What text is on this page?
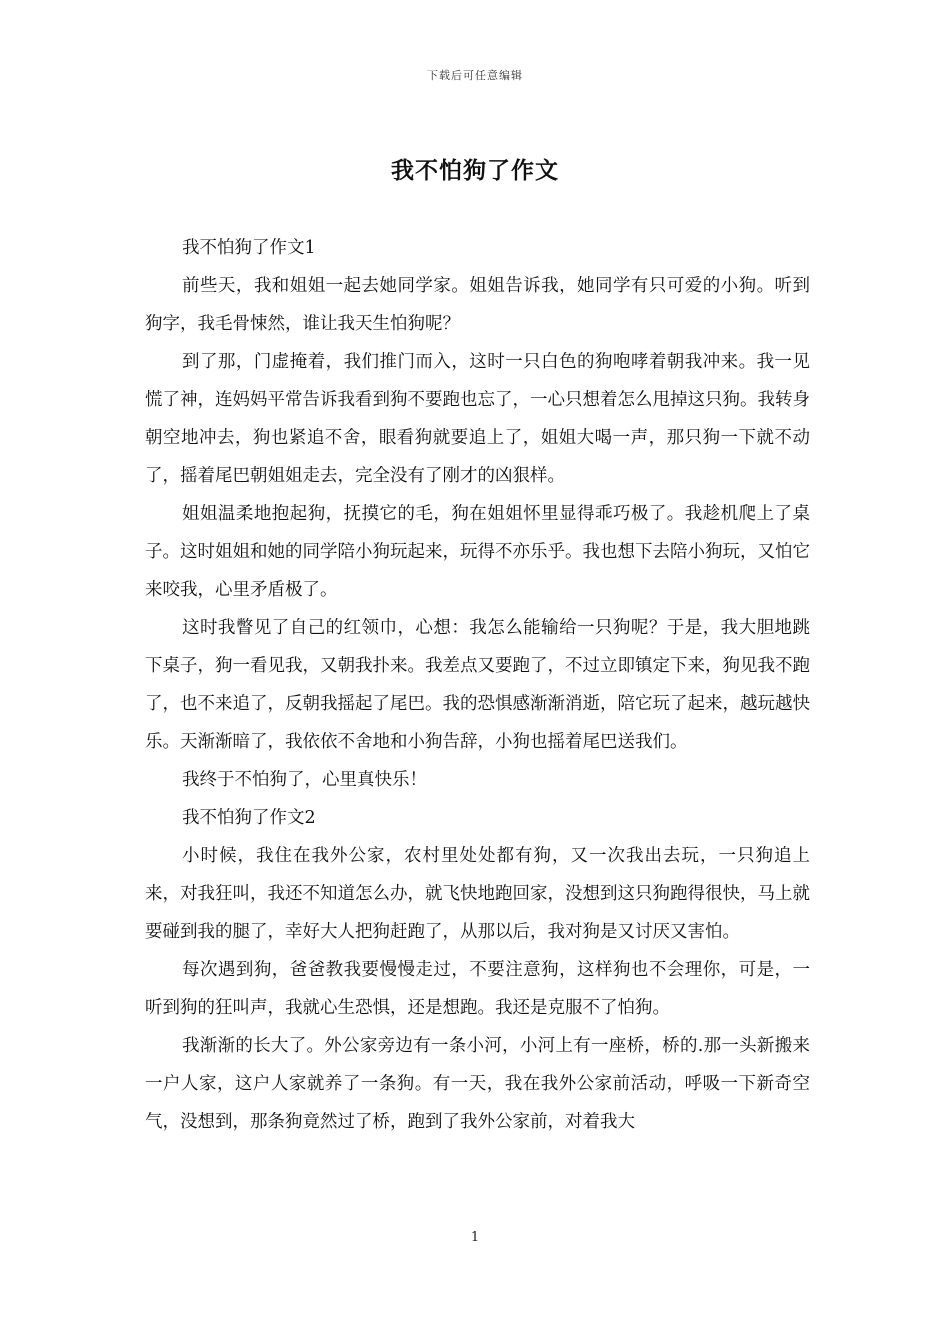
下载后可任意编辑
我不怕狗了作文

我不怕狗了作文1

前些天，我和姐姐一起去她同学家。姐姐告诉我，她同学有只可爱的小狗。听到狗字，我毛骨悚然，谁让我天生怕狗呢？

到了那，门虚掩着，我们推门而入，这时一只白色的狗咆哮着朝我冲来。我一见慌了神，连妈妈平常告诉我看到狗不要跑也忘了，一心只想着怎么甩掉这只狗。我转身朝空地冲去，狗也紧追不舍，眼看狗就要追上了，姐姐大喝一声，那只狗一下就不动了，摇着尾巴朝姐姐走去，完全没有了刚才的凶狠样。

姐姐温柔地抱起狗，抚摸它的毛，狗在姐姐怀里显得乖巧极了。我趁机爬上了桌子。这时姐姐和她的同学陪小狗玩起来，玩得不亦乐乎。我也想下去陪小狗玩，又怕它来咬我，心里矛盾极了。

这时我瞥见了自己的红领巾，心想：我怎么能输给一只狗呢？于是，我大胆地跳下桌子，狗一看见我，又朝我扑来。我差点又要跑了，不过立即镇定下来，狗见我不跑了，也不来追了，反朝我摇起了尾巴。我的恐惧感渐渐消逝，陪它玩了起来，越玩越快乐。天渐渐暗了，我依依不舍地和小狗告辞，小狗也摇着尾巴送我们。

我终于不怕狗了，心里真快乐！

我不怕狗了作文2

小时候，我住在我外公家，农村里处处都有狗，又一次我出去玩，一只狗追上来，对我狂叫，我还不知道怎么办，就飞快地跑回家，没想到这只狗跑得很快，马上就要碰到我的腿了，幸好大人把狗赶跑了，从那以后，我对狗是又讨厌又害怕。

每次遇到狗，爸爸教我要慢慢走过，不要注意狗，这样狗也不会理你，可是，一听到狗的狂叫声，我就心生恐惧，还是想跑。我还是克服不了怕狗。

我渐渐的长大了。外公家旁边有一条小河，小河上有一座桥，桥的.那一头新搬来一户人家，这户人家就养了一条狗。有一天，我在我外公家前活动，呼吸一下新奇空气，没想到，那条狗竟然过了桥，跑到了我外公家前，对着我大

1
